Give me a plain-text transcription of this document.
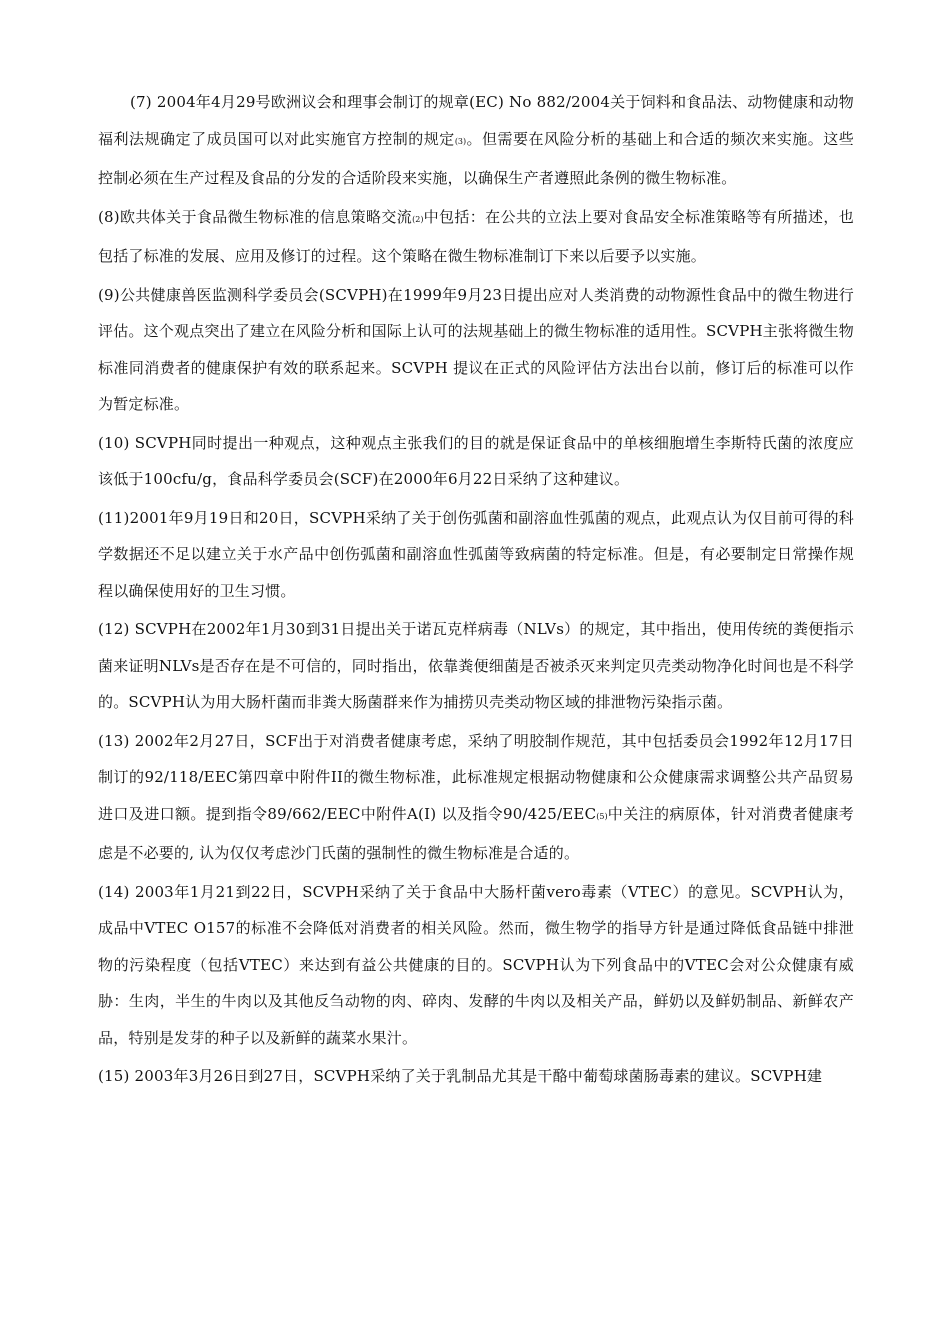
(7) 2004年4月29号欧洲议会和理事会制订的规章(EC) No 882/2004关于饲料和食品法、动物健康和动物福利法规确定了成员国可以对此实施官方控制的规定(3)。但需要在风险分析的基础上和合适的频次来实施。这些控制必须在生产过程及食品的分发的合适阶段来实施，以确保生产者遵照此条例的微生物标准。

(8)欧共体关于食品微生物标准的信息策略交流(2)中包括：在公共的立法上要对食品安全标准策略等有所描述，也包括了标准的发展、应用及修订的过程。这个策略在微生物标准制订下来以后要予以实施。

(9)公共健康兽医监测科学委员会(SCVPH)在1999年9月23日提出应对人类消费的动物源性食品中的微生物进行评估。这个观点突出了建立在风险分析和国际上认可的法规基础上的微生物标准的适用性。SCVPH主张将微生物标准同消费者的健康保护有效的联系起来。SCVPH 提议在正式的风险评估方法出台以前，修订后的标准可以作为暂定标准。

(10) SCVPH同时提出一种观点，这种观点主张我们的目的就是保证食品中的单核细胞增生李斯特氏菌的浓度应该低于100cfu/g，食品科学委员会(SCF)在2000年6月22日采纳了这种建议。

(11)2001年9月19日和20日，SCVPH采纳了关于创伤弧菌和副溶血性弧菌的观点，此观点认为仅目前可得的科学数据还不足以建立关于水产品中创伤弧菌和副溶血性弧菌等致病菌的特定标准。但是，有必要制定日常操作规程以确保使用好的卫生习惯。

(12) SCVPH在2002年1月30到31日提出关于诺瓦克样病毒（NLVs）的规定，其中指出，使用传统的粪便指示菌来证明NLVs是否存在是不可信的，同时指出，依靠粪便细菌是否被杀灭来判定贝壳类动物净化时间也是不科学的。SCVPH认为用大肠杆菌而非粪大肠菌群来作为捕捞贝壳类动物区域的排泄物污染指示菌。

(13) 2002年2月27日，SCF出于对消费者健康考虑，采纳了明胶制作规范，其中包括委员会1992年12月17日制订的92/118/EEC第四章中附件II的微生物标准，此标准规定根据动物健康和公众健康需求调整公共产品贸易进口及进口额。提到指令89/662/EEC中附件A(I) 以及指令90/425/EEC(5)中关注的病原体，针对消费者健康考虑是不必要的, 认为仅仅考虑沙门氏菌的强制性的微生物标准是合适的。

(14) 2003年1月21到22日，SCVPH采纳了关于食品中大肠杆菌vero毒素（VTEC）的意见。SCVPH认为，成品中VTEC O157的标准不会降低对消费者的相关风险。然而，微生物学的指导方针是通过降低食品链中排泄物的污染程度（包括VTEC）来达到有益公共健康的目的。SCVPH认为下列食品中的VTEC会对公众健康有威胁：生肉，半生的牛肉以及其他反刍动物的肉、碎肉、发酵的牛肉以及相关产品，鲜奶以及鲜奶制品、新鲜农产品，特别是发芽的种子以及新鲜的蔬菜水果汁。

(15) 2003年3月26日到27日，SCVPH采纳了关于乳制品尤其是干酪中葡萄球菌肠毒素的建议。SCVPH建
